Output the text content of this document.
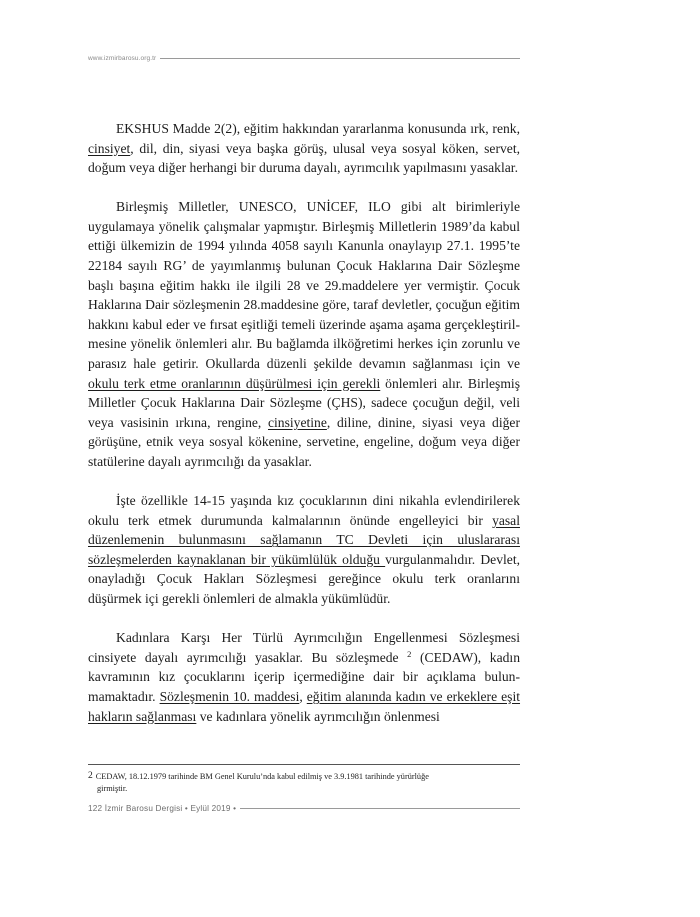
www.izmirbarosu.org.tr

EKSHUS Madde 2(2), eğitim hakkından yararlanma konusunda ırk, renk, cinsiyet, dil, din, siyasi veya başka görüş, ulusal veya sosyal köken, servet, doğum veya diğer herhangi bir duruma dayalı, ayrımcılık yapılmasını yasaklar.

Birleşmiş Milletler, UNESCO, UNİCEF, ILO gibi alt birimleriyle uygulamaya yönelik çalışmalar yapmıştır. Birleşmiş Milletlerin 1989’da kabul ettiği ülkemizin de 1994 yılında 4058 sayılı Kanunla onaylayıp 27.1. 1995’te 22184 sayılı RG’ de yayımlanmış bulunan Çocuk Haklarına Dair Sözleşme başlı başına eğitim hakkı ile ilgili 28 ve 29.maddelere yer vermiştir. Çocuk Haklarına Dair sözleşmenin 28.maddesine göre, taraf devletler, çocuğun eğitim hakkını kabul eder ve fırsat eşitliği temeli üzerinde aşama aşama gerçekleştiril-mesine yönelik önlemleri alır. Bu bağlamda ilköğretimi herkes için zorunlu ve parasız hale getirir. Okullarda düzenli şekilde devamın sağlanması için ve okulu terk etme oranlarının düşürülmesi için gerekli önlemleri alır. Birleşmiş Milletler Çocuk Haklarına Dair Sözleşme (ÇHS), sadece çocuğun değil, veli veya vasisinin ırkına, rengine, cinsiyetine, diline, dinine, siyasi veya diğer görüşüne, etnik veya sosyal kökenine, servetine, engeline, doğum veya diğer statülerine dayalı ayrımcılığı da yasaklar.

İşte özellikle 14-15 yaşında kız çocuklarının dini nikahla evlendirilerek okulu terk etmek durumunda kalmalarının önünde engelleyici bir yasal düzenlemenin bulunmasını sağlamanın TC Devleti için uluslararası sözleşmelerden kaynaklanan bir yükümlülük olduğu vurgulanmalıdır. Devlet, onayladığı Çocuk Hakları Sözleşmesi gereğince okulu terk oranlarını düşürmek içi gerekli önlemleri de almakla yükümlüdür.

Kadınlara Karşı Her Türlü Ayrımcılığın Engellenmesi Sözleşmesi cinsiyete dayalı ayrımcılığı yasaklar. Bu sözleşmede $^2$ (CEDAW), kadın kavramının kız çocuklarını içerip içermediğine dair bir açıklama bulunmamaktadır. Sözleşmenin 10. maddesi, eğitim alanında kadın ve erkeklere eşit hakların sağlanması ve kadınlara yönelik ayrımcılığın önlenmesi

2 CEDAW, 18.12.1979 tarihinde BM Genel Kurulu’nda kabul edilmiş ve 3.9.1981 tarihinde yürürlüğe
girmiştir.
122 İzmir Barosu Dergisi • Eylül 2019 •
